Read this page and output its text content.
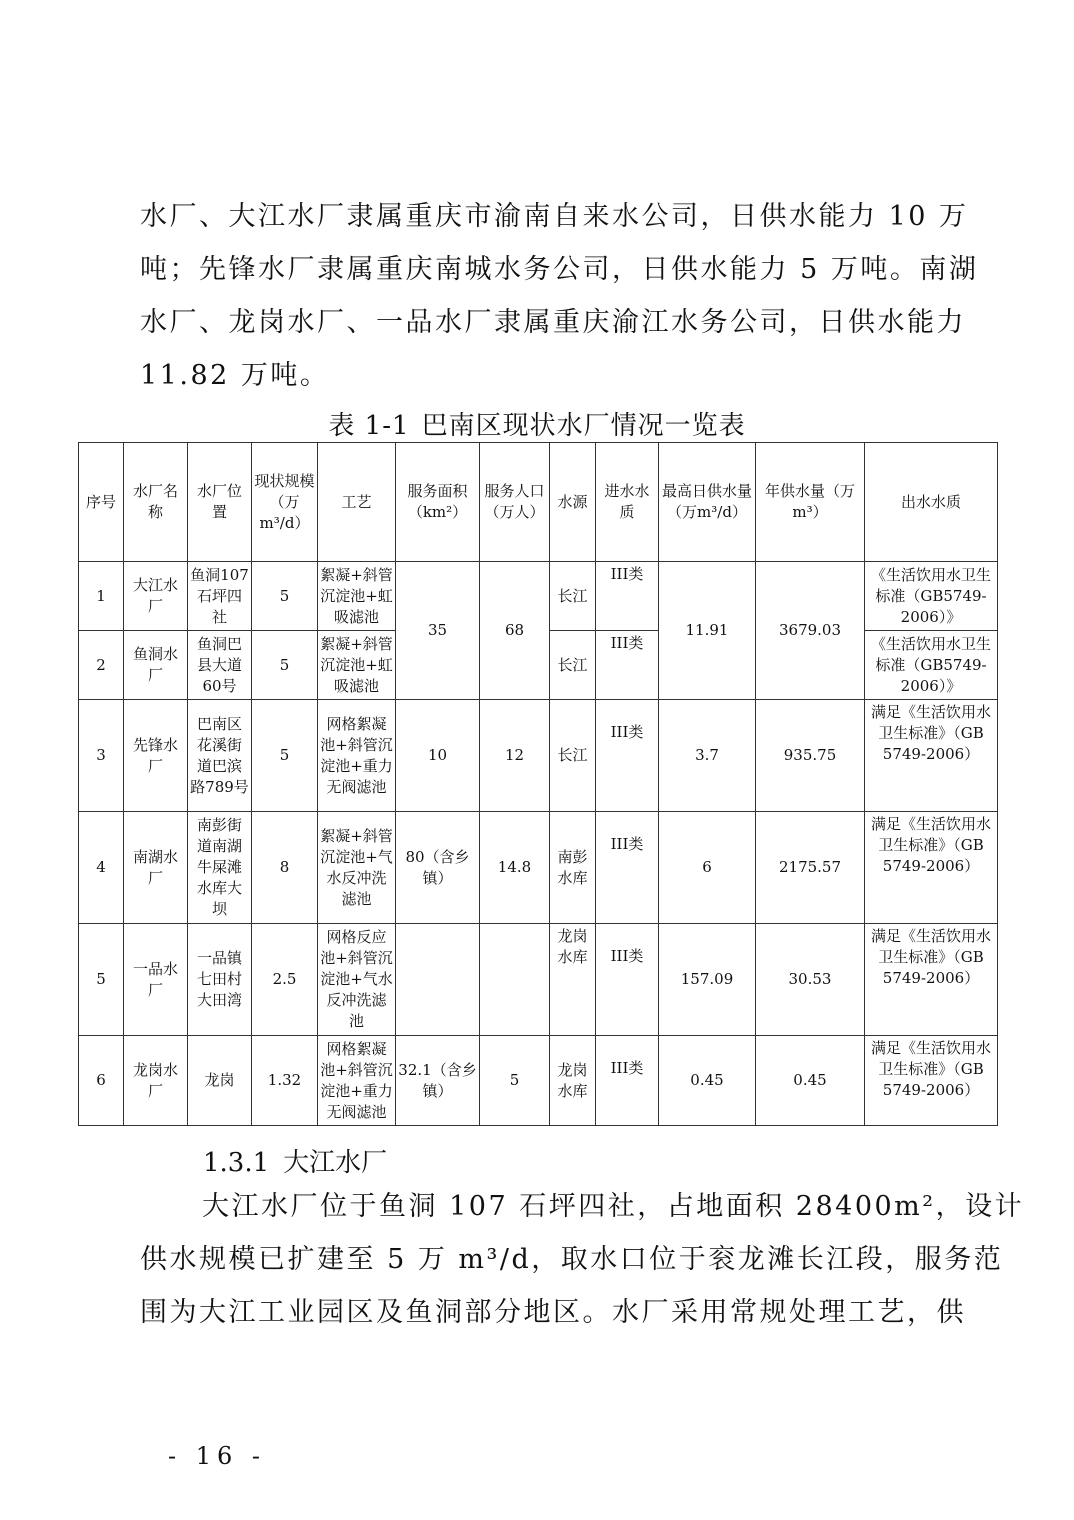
水厂、大江水厂隶属重庆市渝南自来水公司，日供水能力 10 万
吨；先锋水厂隶属重庆南城水务公司，日供水能力 5 万吨。南湖
水厂、龙岗水厂、一品水厂隶属重庆渝江水务公司，日供水能力
11.82 万吨。
表 1-1 巴南区现状水厂情况一览表
序号	水厂名称	水厂位置	现状规模（万m³/d）	工艺	服务面积（km²）	服务人口（万人）	水源	进水水质	最高日供水量（万m³/d）	年供水量（万m³）	出水水质
1	大江水厂	鱼洞107石坪四社	5	絮凝+斜管沉淀池+虹吸滤池	35	68	长江	III类	11.91	3679.03	《生活饮用水卫生标准（GB5749-2006）》
2	鱼洞水厂	鱼洞巴县大道60号	5	絮凝+斜管沉淀池+虹吸滤池			长江	III类			《生活饮用水卫生标准（GB5749-2006）》
3	先锋水厂	巴南区花溪街道巴滨路789号	5	网格絮凝池+斜管沉淀池+重力无阀滤池	10	12	长江	III类	3.7	935.75	满足《生活饮用水卫生标准》（GB 5749-2006）
4	南湖水厂	南彭街道南湖牛屎滩水库大坝	8	絮凝+斜管沉淀池+气水反冲洗滤池	80（含乡镇）	14.8	南彭水库	III类	6	2175.57	满足《生活饮用水卫生标准》（GB 5749-2006）
5	一品水厂	一品镇七田村大田湾	2.5	网格反应池+斜管沉淀池+气水反冲洗滤池			龙岗水库	III类	157.09	30.53	满足《生活饮用水卫生标准》（GB 5749-2006）
6	龙岗水厂	龙岗	1.32	网格絮凝池+斜管沉淀池+重力无阀滤池	32.1（含乡镇）	5	龙岗水库	III类	0.45	0.45	满足《生活饮用水卫生标准》（GB 5749-2006）
1.3.1 大江水厂
大江水厂位于鱼洞 107 石坪四社，占地面积 28400m²，设计
供水规模已扩建至 5 万 m³/d，取水口位于衮龙滩长江段，服务范
围为大江工业园区及鱼洞部分地区。水厂采用常规处理工艺，供
- 16 -
